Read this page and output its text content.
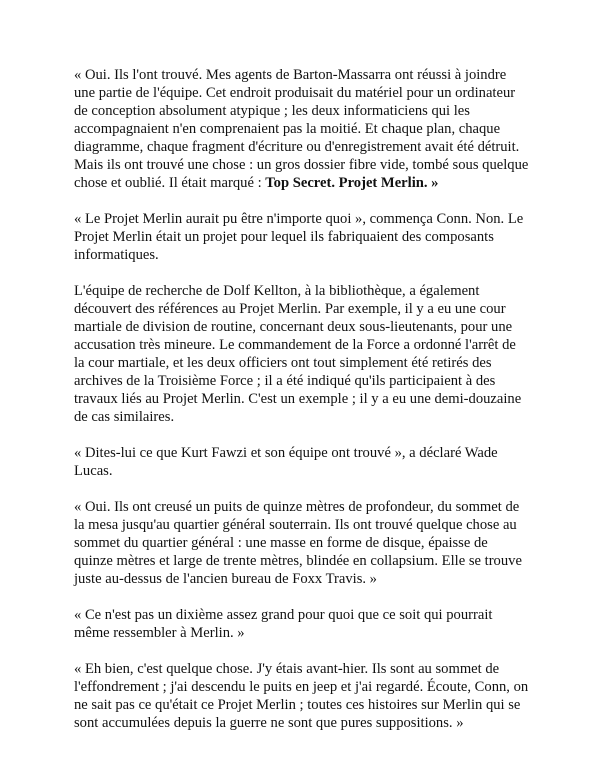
« Oui. Ils l'ont trouvé. Mes agents de Barton-Massarra ont réussi à joindre une partie de l'équipe. Cet endroit produisait du matériel pour un ordinateur de conception absolument atypique ; les deux informaticiens qui les accompagnaient n'en comprenaient pas la moitié. Et chaque plan, chaque diagramme, chaque fragment d'écriture ou d'enregistrement avait été détruit. Mais ils ont trouvé une chose : un gros dossier fibre vide, tombé sous quelque chose et oublié. Il était marqué : Top Secret. Projet Merlin. »

« Le Projet Merlin aurait pu être n'importe quoi », commença Conn. Non. Le Projet Merlin était un projet pour lequel ils fabriquaient des composants informatiques.

L'équipe de recherche de Dolf Kellton, à la bibliothèque, a également découvert des références au Projet Merlin. Par exemple, il y a eu une cour martiale de division de routine, concernant deux sous-lieutenants, pour une accusation très mineure. Le commandement de la Force a ordonné l'arrêt de la cour martiale, et les deux officiers ont tout simplement été retirés des archives de la Troisième Force ; il a été indiqué qu'ils participaient à des travaux liés au Projet Merlin. C'est un exemple ; il y a eu une demi-douzaine de cas similaires.

« Dites-lui ce que Kurt Fawzi et son équipe ont trouvé », a déclaré Wade Lucas.

« Oui. Ils ont creusé un puits de quinze mètres de profondeur, du sommet de la mesa jusqu'au quartier général souterrain. Ils ont trouvé quelque chose au sommet du quartier général : une masse en forme de disque, épaisse de quinze mètres et large de trente mètres, blindée en collapsium. Elle se trouve juste au-dessus de l'ancien bureau de Foxx Travis. »

« Ce n'est pas un dixième assez grand pour quoi que ce soit qui pourrait même ressembler à Merlin. »

« Eh bien, c'est quelque chose. J'y étais avant-hier. Ils sont au sommet de l'effondrement ; j'ai descendu le puits en jeep et j'ai regardé. Écoute, Conn, on ne sait pas ce qu'était ce Projet Merlin ; toutes ces histoires sur Merlin qui se sont accumulées depuis la guerre ne sont que pures suppositions. »
